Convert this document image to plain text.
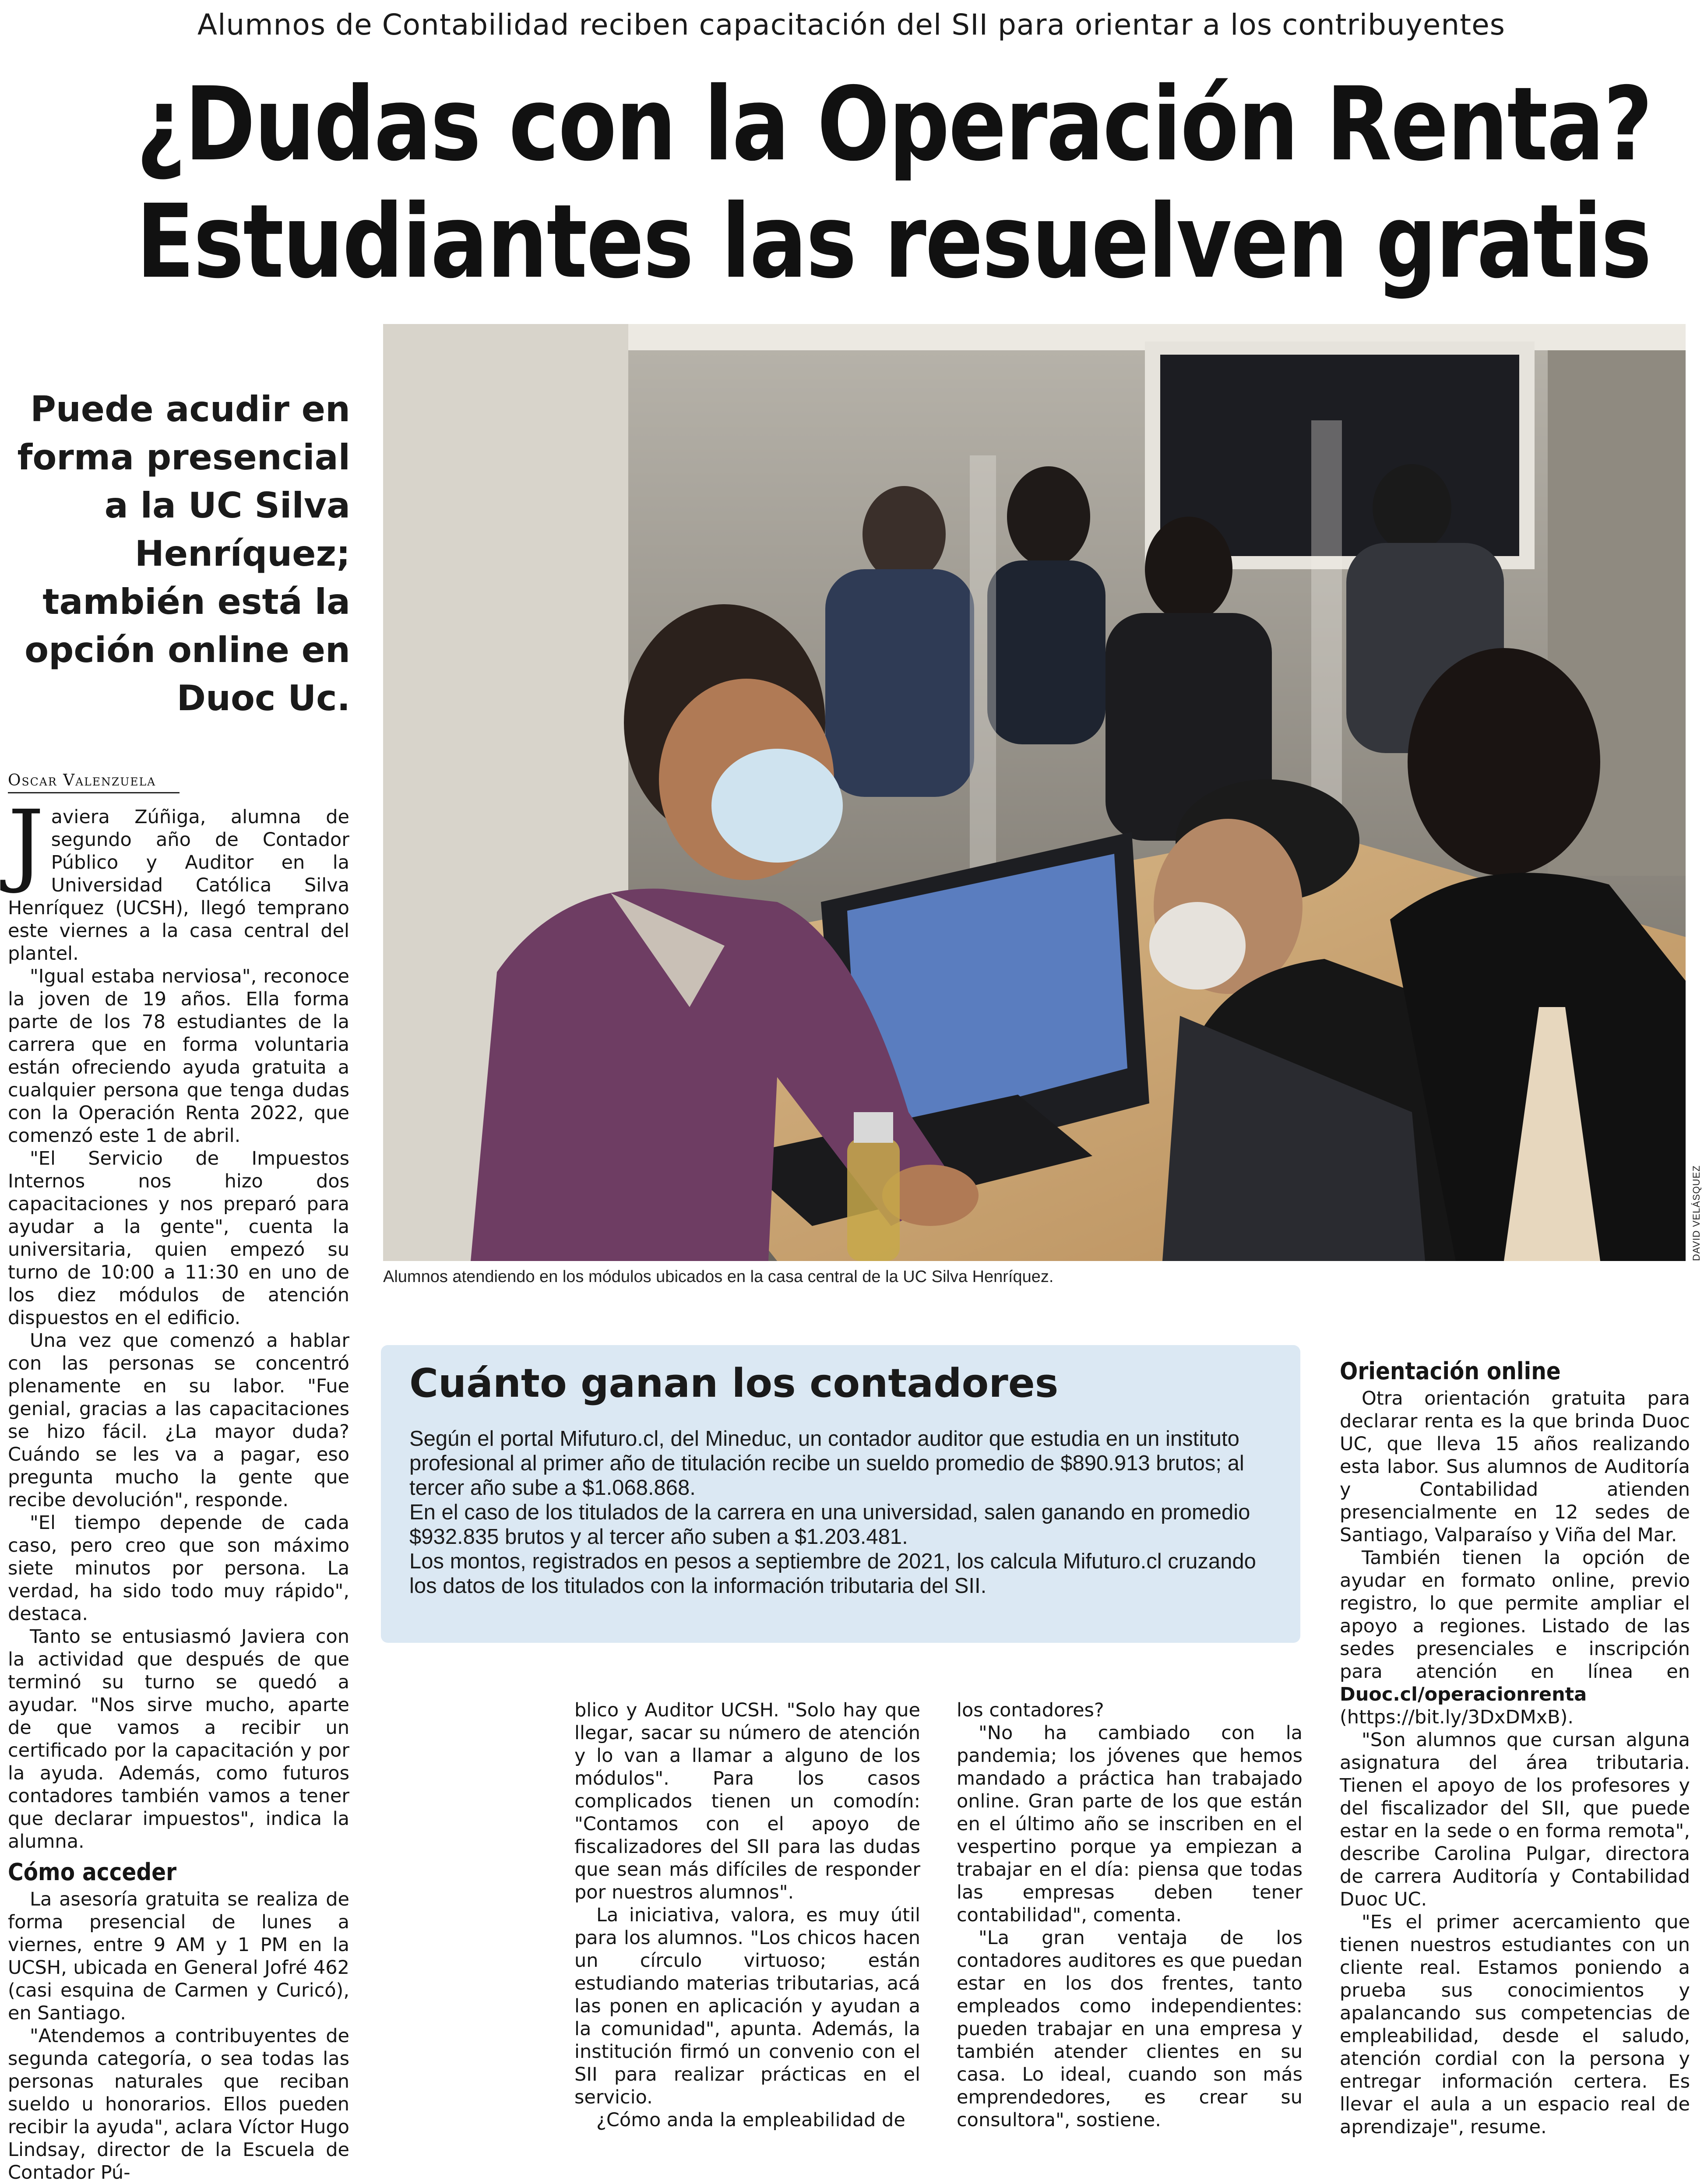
Alumnos de Contabilidad reciben capacitación del SII para orientar a los contribuyentes
¿Dudas con la Operación Renta?
Estudiantes las resuelven gratis
Puede acudir en forma presencial a la UC Silva Henríquez; también está la opción online en Duoc Uc.
Oscar Valenzuela
DAVID VELÁSQUEZ
Alumnos atendiendo en los módulos ubicados en la casa central de la UC Silva Henríquez.

Javiera Zúñiga, alumna de segundo año de Contador Público y Auditor en la Universidad Católica Silva Henríquez (UCSH), llegó temprano este viernes a la casa central del plantel.

"Igual estaba nerviosa", reconoce la joven de 19 años. Ella forma parte de los 78 estudiantes de la carrera que en forma voluntaria están ofreciendo ayuda gratuita a cualquier persona que tenga dudas con la Operación Renta 2022, que comenzó este 1 de abril.

"El Servicio de Impuestos Internos nos hizo dos capacitaciones y nos preparó para ayudar a la gente", cuenta la universitaria, quien empezó su turno de 10:00 a 11:30 en uno de los diez módulos de atención dispuestos en el edificio.

Una vez que comenzó a hablar con las personas se concentró plenamente en su labor. "Fue genial, gracias a las capacitaciones se hizo fácil. ¿La mayor duda? Cuándo se les va a pagar, eso pregunta mucho la gente que recibe devolución", responde.

"El tiempo depende de cada caso, pero creo que son máximo siete minutos por persona. La verdad, ha sido todo muy rápido", destaca.

Tanto se entusiasmó Javiera con la actividad que después de que terminó su turno se quedó a ayudar. "Nos sirve mucho, aparte de que vamos a recibir un certificado por la capacitación y por la ayuda. Además, como futuros contadores también vamos a tener que declarar impuestos", indica la alumna.

Cómo acceder

La asesoría gratuita se realiza de forma presencial de lunes a viernes, entre 9 AM y 1 PM en la UCSH, ubicada en General Jofré 462 (casi esquina de Carmen y Curicó), en Santiago.

"Atendemos a contribuyentes de segunda categoría, o sea todas las personas naturales que reciban sueldo u honorarios. Ellos pueden recibir la ayuda", aclara Víctor Hugo Lindsay, director de la Escuela de Contador Pú-

Cuánto ganan los contadores

Según el portal Mifuturo.cl, del Mineduc, un contador auditor que estudia en un instituto profesional al primer año de titulación recibe un sueldo promedio de $890.913 brutos; al tercer año sube a $1.068.868.

En el caso de los titulados de la carrera en una universidad, salen ganando en promedio $932.835 brutos y al tercer año suben a $1.203.481.

Los montos, registrados en pesos a septiembre de 2021, los calcula Mifuturo.cl cruzando los datos de los titulados con la información tributaria del SII.

blico y Auditor UCSH. "Solo hay que llegar, sacar su número de atención y lo van a llamar a alguno de los módulos". Para los casos complicados tienen un comodín: "Contamos con el apoyo de fiscalizadores del SII para las dudas que sean más difíciles de responder por nuestros alumnos".

La iniciativa, valora, es muy útil para los alumnos. "Los chicos hacen un círculo virtuoso; están estudiando materias tributarias, acá las ponen en aplicación y ayudan a la comunidad", apunta. Además, la institución firmó un convenio con el SII para realizar prácticas en el servicio.

¿Cómo anda la empleabilidad de

los contadores?

"No ha cambiado con la pandemia; los jóvenes que hemos mandado a práctica han trabajado online. Gran parte de los que están en el último año se inscriben en el vespertino porque ya empiezan a trabajar en el día: piensa que todas las empresas deben tener contabilidad", comenta.

"La gran ventaja de los contadores auditores es que puedan estar en los dos frentes, tanto empleados como independientes: pueden trabajar en una empresa y también atender clientes en su casa. Lo ideal, cuando son más emprendedores, es crear su consultora", sostiene.

Orientación online

Otra orientación gratuita para declarar renta es la que brinda Duoc UC, que lleva 15 años realizando esta labor. Sus alumnos de Auditoría y Contabilidad atienden presencialmente en 12 sedes de Santiago, Valparaíso y Viña del Mar.

También tienen la opción de ayudar en formato online, previo registro, lo que permite ampliar el apoyo a regiones. Listado de las sedes presenciales e inscripción para atención en línea en Duoc.cl/operacionrenta (https://bit.ly/3DxDMxB).

"Son alumnos que cursan alguna asignatura del área tributaria. Tienen el apoyo de los profesores y del fiscalizador del SII, que puede estar en la sede o en forma remota", describe Carolina Pulgar, directora de carrera Auditoría y Contabilidad Duoc UC.

"Es el primer acercamiento que tienen nuestros estudiantes con un cliente real. Estamos poniendo a prueba sus conocimientos y apalancando sus competencias de empleabilidad, desde el saludo, atención cordial con la persona y entregar información certera. Es llevar el aula a un espacio real de aprendizaje", resume.
